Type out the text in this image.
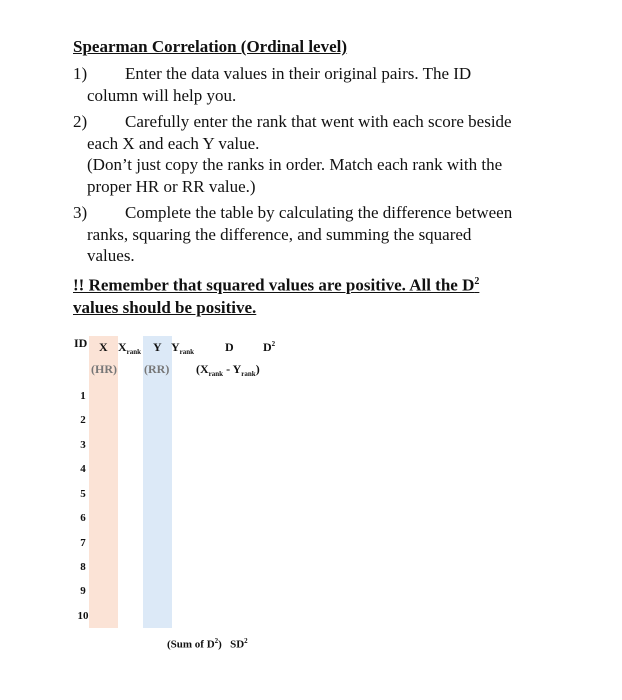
Spearman Correlation (Ordinal level)
1) Enter the data values in their original pairs. The ID
column will help you.
2) Carefully enter the rank that went with each score beside
each X and each Y value.
(Don’t just copy the ranks in order. Match each rank with the
proper HR or RR value.)
3) Complete the table by calculating the difference between
ranks, squaring the difference, and summing the squared
values.
!! Remember that squared values are positive. All the $D^2$
values should be positive.
ID X $X_{rank}$ Y $Y_{rank}$	D $D^2$
(HR) (RR) $(X_{rank} - Y_{rank})$
1
2
3
4
5
6
7
8
9
10
(Sum of $D^2$) $SD^2$
